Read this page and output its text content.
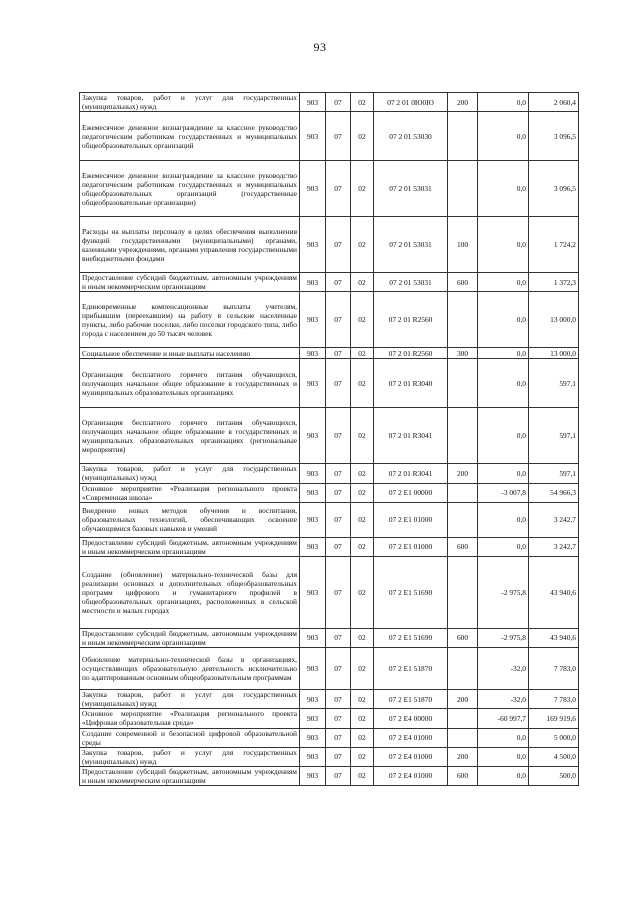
93
Закупка товаров, работ и услуг для государственных (муниципальных) нужд	903	07	02	07 2 01 0Ю0Ю	200	0,0	2 060,4
Ежемесячное денежное вознаграждение за классное руководство педагогическим работникам государственных и муниципальных общеобразовательных организаций	903	07	02	07 2 01 53030		0,0	3 096,5
Ежемесячное денежное вознаграждение за классное руководство педагогическим работникам государственных и муниципальных общеобразовательных организаций (государственные общеобразовательные организации)	903	07	02	07 2 01 53031		0,0	3 096,5
Расходы на выплаты персоналу в целях обеспечения выполнения функций государственными (муниципальными) органами, казенными учреждениями, органами управления государственными внебюджетными фондами	903	07	02	07 2 01 53031	100	0,0	1 724,2
Предоставление субсидий бюджетным, автономным учреждениям и иным некоммерческим организациям	903	07	02	07 2 01 53031	600	0,0	1 372,3
Единовременные компенсационные выплаты учителям, прибывшим (переехавшим) на работу в сельские населенные пункты, либо рабочие поселки, либо поселки городского типа, либо города с населением до 50 тысяч человек	903	07	02	07 2 01 R2560		0,0	13 000,0
Социальное обеспечение и иные выплаты населению	903	07	02	07 2 01 R2560	300	0,0	13 000,0
Организация бесплатного горячего питания обучающихся, получающих начальное общее образование в государственных и муниципальных образовательных организациях	903	07	02	07 2 01 R3040		0,0	597,1
Организация бесплатного горячего питания обучающихся, получающих начальное общее образование в государственных и муниципальных образовательных организациях (региональные мероприятия)	903	07	02	07 2 01 R3041		0,0	597,1
Закупка товаров, работ и услуг для государственных (муниципальных) нужд	903	07	02	07 2 01 R3041	200	0,0	597,1
Основное мероприятие «Реализация регионального проекта «Современная школа»	903	07	02	07 2 E1 00000		-3 007,8	54 966,3
Внедрение новых методов обучения и воспитания, образовательных технологий, обеспечивающих освоение обучающимися базовых навыков и умений	903	07	02	07 2 E1 01000		0,0	3 242,7
Предоставление субсидий бюджетным, автономным учреждениям и иным некоммерческим организациям	903	07	02	07 2 E1 01000	600	0,0	3 242,7
Создание (обновление) материально-технической базы для реализации основных и дополнительных общеобразовательных программ цифрового и гуманитарного профилей в общеобразовательных организациях, расположенных в сельской местности и малых городах	903	07	02	07 2 E1 51690		-2 975,8	43 940,6
Предоставление субсидий бюджетным, автономным учреждениям и иным некоммерческим организациям	903	07	02	07 2 E1 51690	600	-2 975,8	43 940,6
Обновление материально-технической базы в организациях, осуществляющих образовательную деятельность исключительно по адаптированным основным общеобразовательным программам	903	07	02	07 2 E1 51870		-32,0	7 783,0
Закупка товаров, работ и услуг для государственных (муниципальных) нужд	903	07	02	07 2 E1 51870	200	-32,0	7 783,0
Основное мероприятие «Реализация регионального проекта «Цифровая образовательная среда»	903	07	02	07 2 E4 00000		-60 997,7	169 919,6
Создание современной и безопасной цифровой образовательной среды	903	07	02	07 2 E4 01000		0,0	5 000,0
Закупка товаров, работ и услуг для государственных (муниципальных) нужд	903	07	02	07 2 E4 01000	200	0,0	4 500,0
Предоставление субсидий бюджетным, автономным учреждениям и иным некоммерческим организациям	903	07	02	07 2 E4 01000	600	0,0	500,0
